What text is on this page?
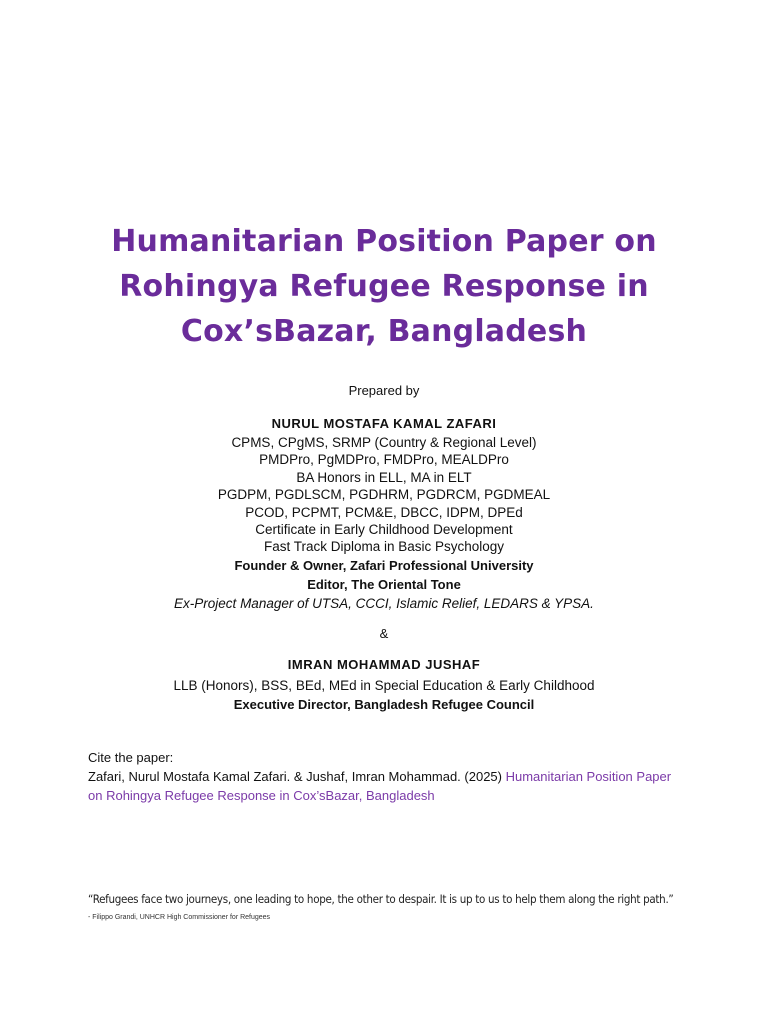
Humanitarian Position Paper on
Rohingya Refugee Response in
Cox’sBazar, Bangladesh
Prepared by
NURUL MOSTAFA KAMAL ZAFARI
CPMS, CPgMS, SRMP (Country & Regional Level)
PMDPro, PgMDPro, FMDPro, MEALDPro
BA Honors in ELL, MA in ELT
PGDPM, PGDLSCM, PGDHRM, PGDRCM, PGDMEAL
PCOD, PCPMT, PCM&E, DBCC, IDPM, DPEd
Certificate in Early Childhood Development
Fast Track Diploma in Basic Psychology
Founder & Owner, Zafari Professional University
Editor, The Oriental Tone
Ex-Project Manager of UTSA, CCCI, Islamic Relief, LEDARS & YPSA.
&
IMRAN MOHAMMAD JUSHAF
LLB (Honors), BSS, BEd, MEd in Special Education & Early Childhood
Executive Director, Bangladesh Refugee Council
Cite the paper:
Zafari, Nurul Mostafa Kamal Zafari. & Jushaf, Imran Mohammad. (2025) Humanitarian Position Paper on Rohingya Refugee Response in Cox’sBazar, Bangladesh
“Refugees face two journeys, one leading to hope, the other to despair. It is up to us to help them along the right path.”
- Filippo Grandi, UNHCR High Commissioner for Refugees
